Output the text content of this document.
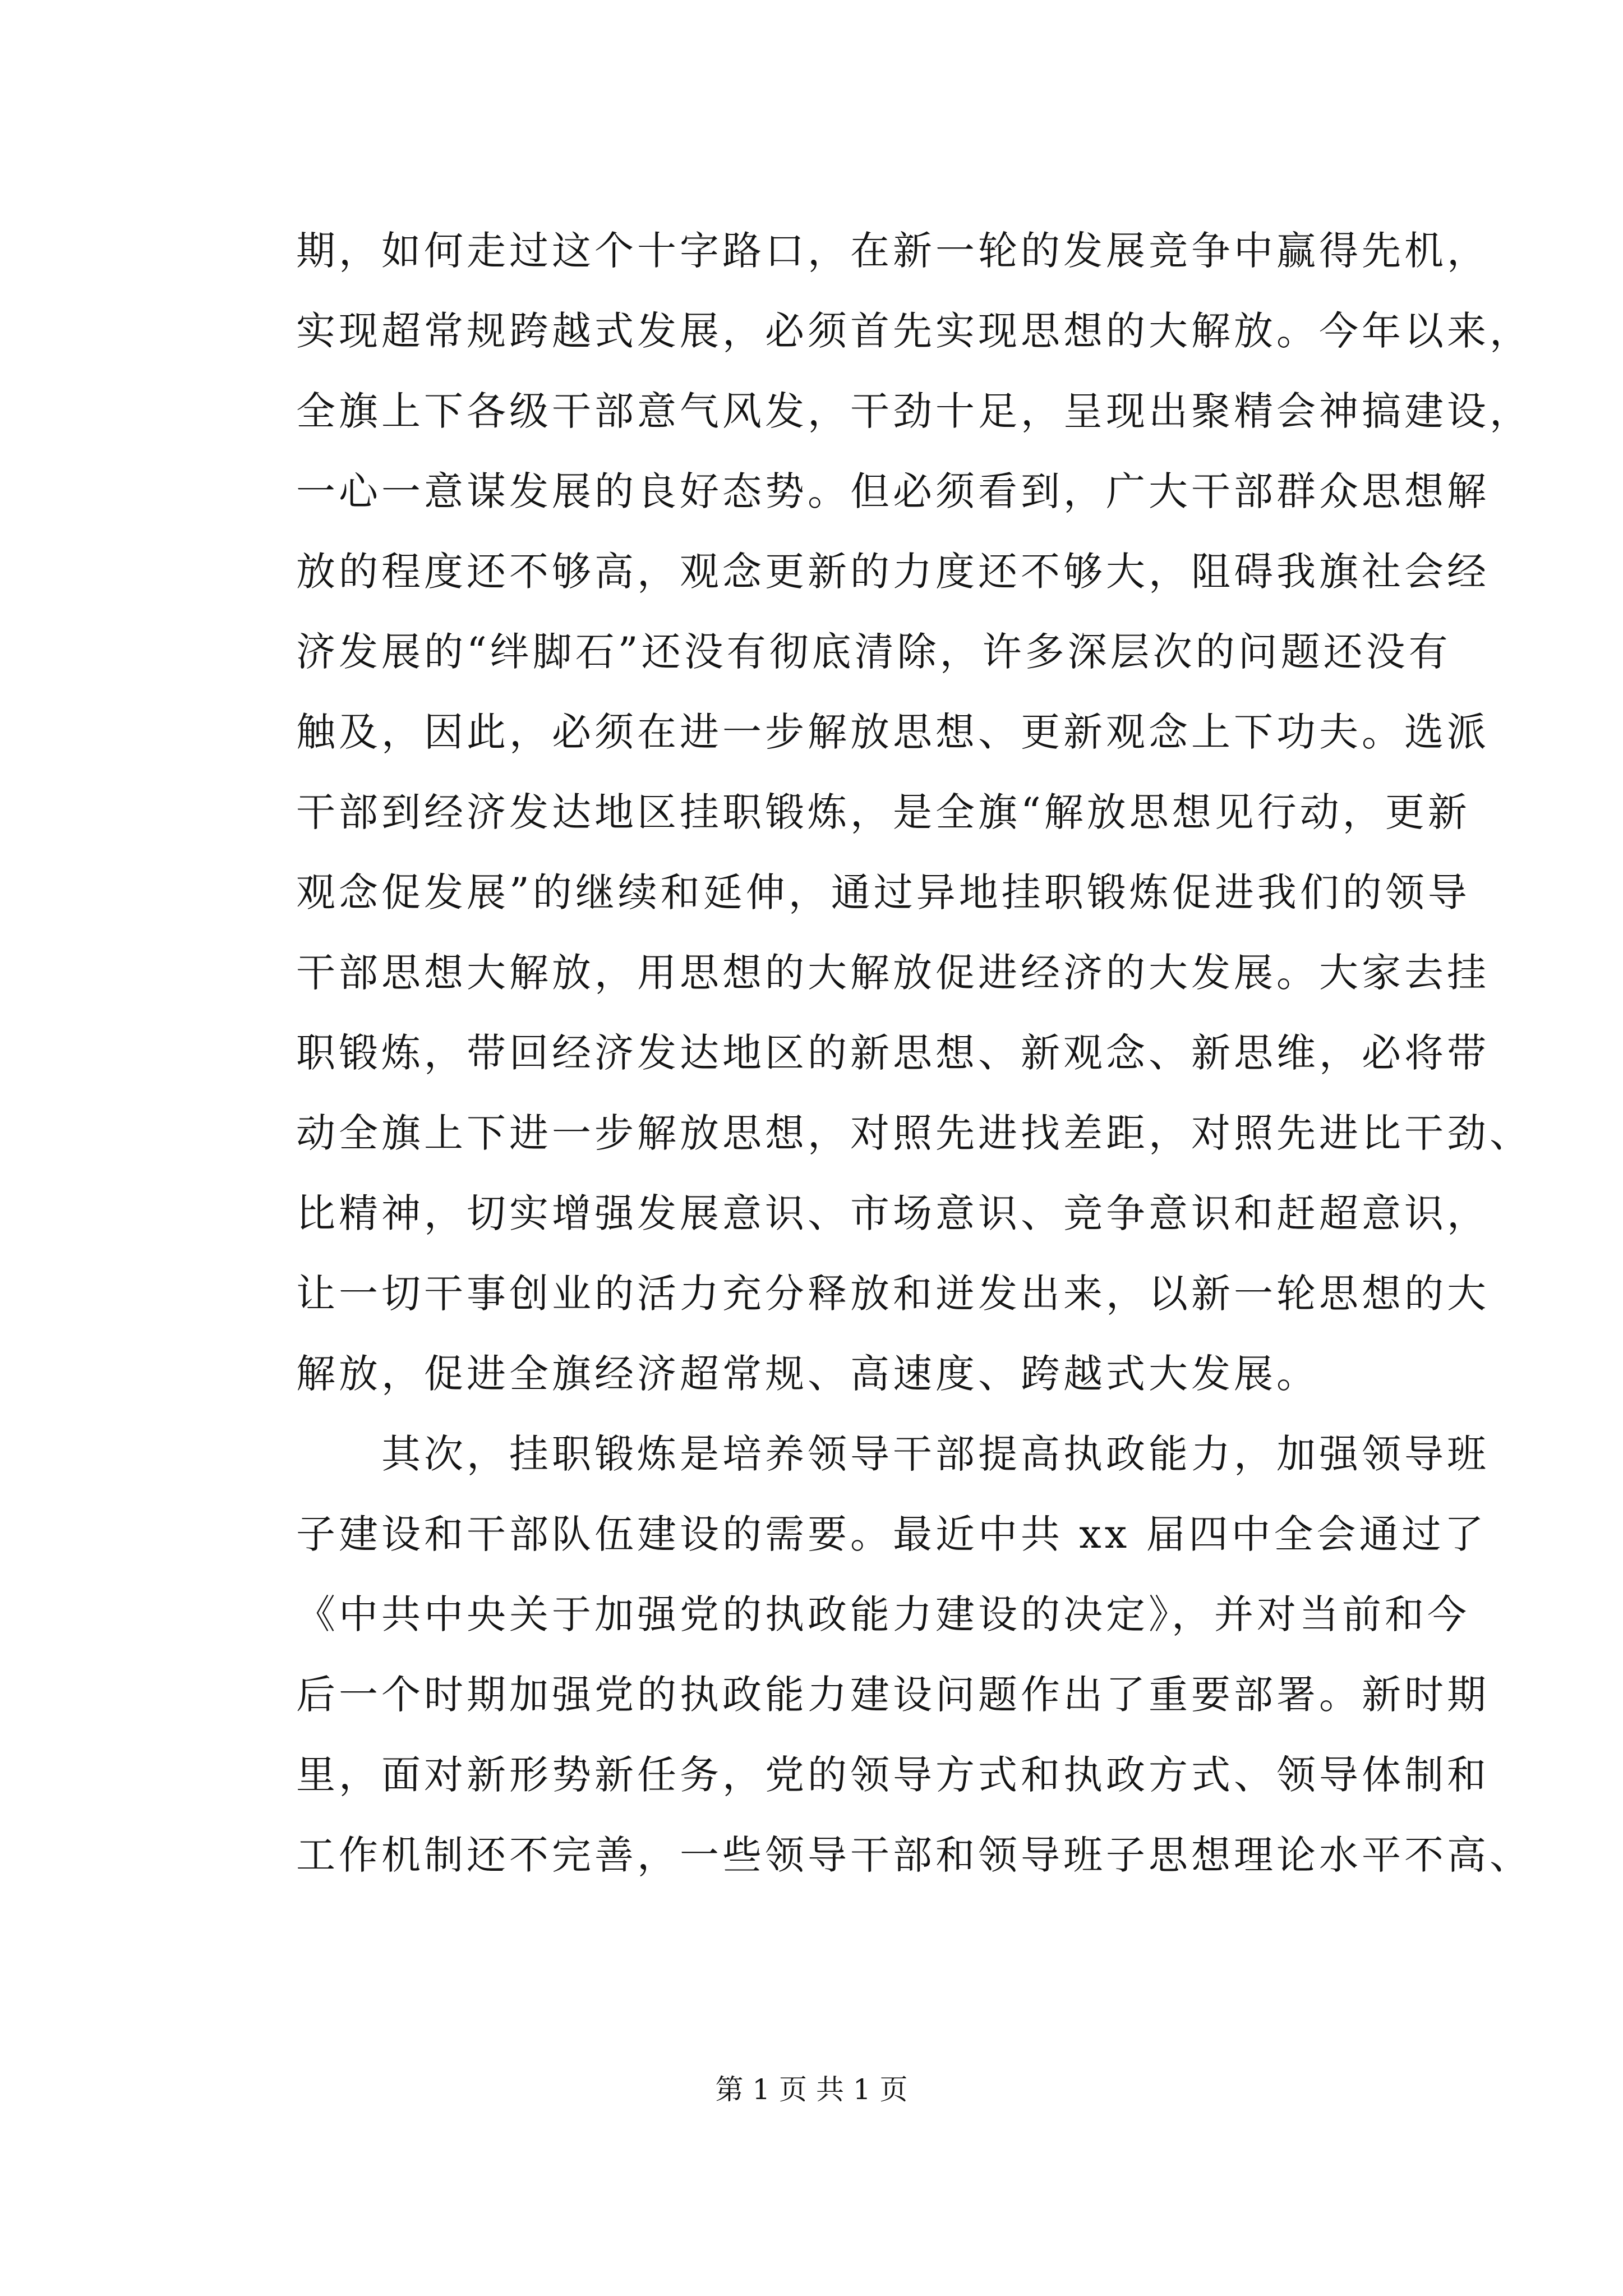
期，如何走过这个十字路口，在新一轮的发展竞争中赢得先机，
实现超常规跨越式发展，必须首先实现思想的大解放。今年以来，
全旗上下各级干部意气风发，干劲十足，呈现出聚精会神搞建设，
一心一意谋发展的良好态势。但必须看到，广大干部群众思想解
放的程度还不够高，观念更新的力度还不够大，阻碍我旗社会经
济发展的“绊脚石”还没有彻底清除，许多深层次的问题还没有
触及，因此，必须在进一步解放思想、更新观念上下功夫。选派
干部到经济发达地区挂职锻炼，是全旗“解放思想见行动，更新
观念促发展”的继续和延伸，通过异地挂职锻炼促进我们的领导
干部思想大解放，用思想的大解放促进经济的大发展。大家去挂
职锻炼，带回经济发达地区的新思想、新观念、新思维，必将带
动全旗上下进一步解放思想，对照先进找差距，对照先进比干劲、
比精神，切实增强发展意识、市场意识、竞争意识和赶超意识，
让一切干事创业的活力充分释放和迸发出来，以新一轮思想的大
解放，促进全旗经济超常规、高速度、跨越式大发展。
　　其次，挂职锻炼是培养领导干部提高执政能力，加强领导班
子建设和干部队伍建设的需要。最近中共 xx 届四中全会通过了
《中共中央关于加强党的执政能力建设的决定》，并对当前和今
后一个时期加强党的执政能力建设问题作出了重要部署。新时期
里，面对新形势新任务，党的领导方式和执政方式、领导体制和
工作机制还不完善，一些领导干部和领导班子思想理论水平不高、
第 1 页 共 1 页
